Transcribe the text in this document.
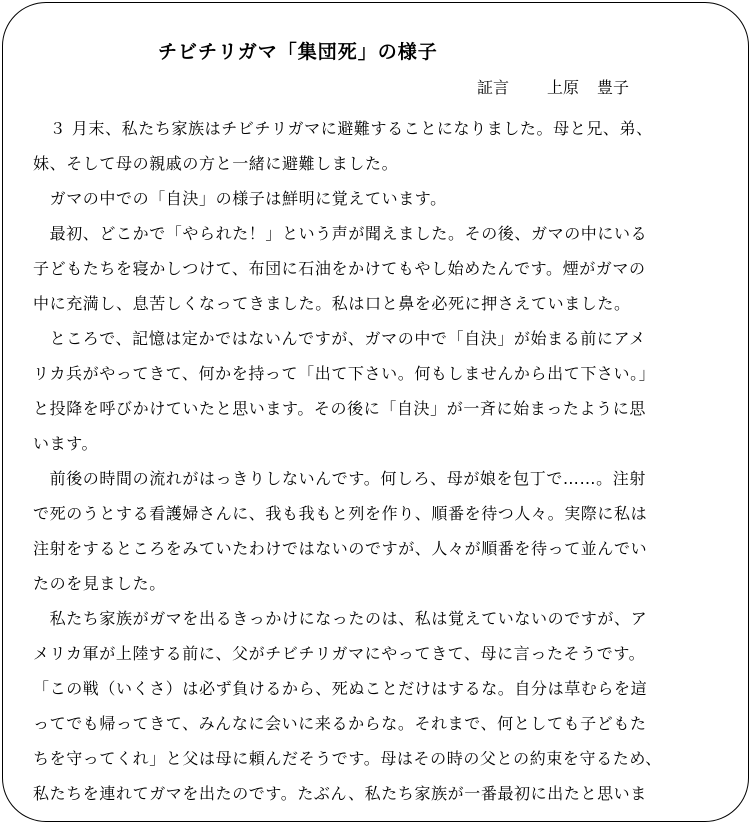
チビチリガマ「集団死」の様子
証言 上原 豊子
　３ 月末、私たち家族はチビチリガマに避難することになりました。母と兄、弟、
妹、そして母の親戚の方と一緒に避難しました。
　ガマの中での「自決」の様子は鮮明に覚えています。
　最初、どこかで「やられた！」という声が聞えました。その後、ガマの中にいる
子どもたちを寝かしつけて、布団に石油をかけてもやし始めたんです。煙がガマの
中に充満し、息苦しくなってきました。私は口と鼻を必死に押さえていました。
　ところで、記憶は定かではないんですが、ガマの中で「自決」が始まる前にアメ
リカ兵がやってきて、何かを持って「出て下さい。何もしませんから出て下さい。」
と投降を呼びかけていたと思います。その後に「自決」が一斉に始まったように思
います。
　前後の時間の流れがはっきりしないんです。何しろ、母が娘を包丁で……。注射
で死のうとする看護婦さんに、我も我もと列を作り、順番を待つ人々。実際に私は
注射をするところをみていたわけではないのですが、人々が順番を待って並んでい
たのを見ました。
　私たち家族がガマを出るきっかけになったのは、私は覚えていないのですが、ア
メリカ軍が上陸する前に、父がチビチリガマにやってきて、母に言ったそうです。
「この戦（いくさ）は必ず負けるから、死ぬことだけはするな。自分は草むらを這
ってでも帰ってきて、みんなに会いに来るからな。それまで、何としても子どもた
ちを守ってくれ」と父は母に頼んだそうです。母はその時の父との約束を守るため、
私たちを連れてガマを出たのです。たぶん、私たち家族が一番最初に出たと思いま
